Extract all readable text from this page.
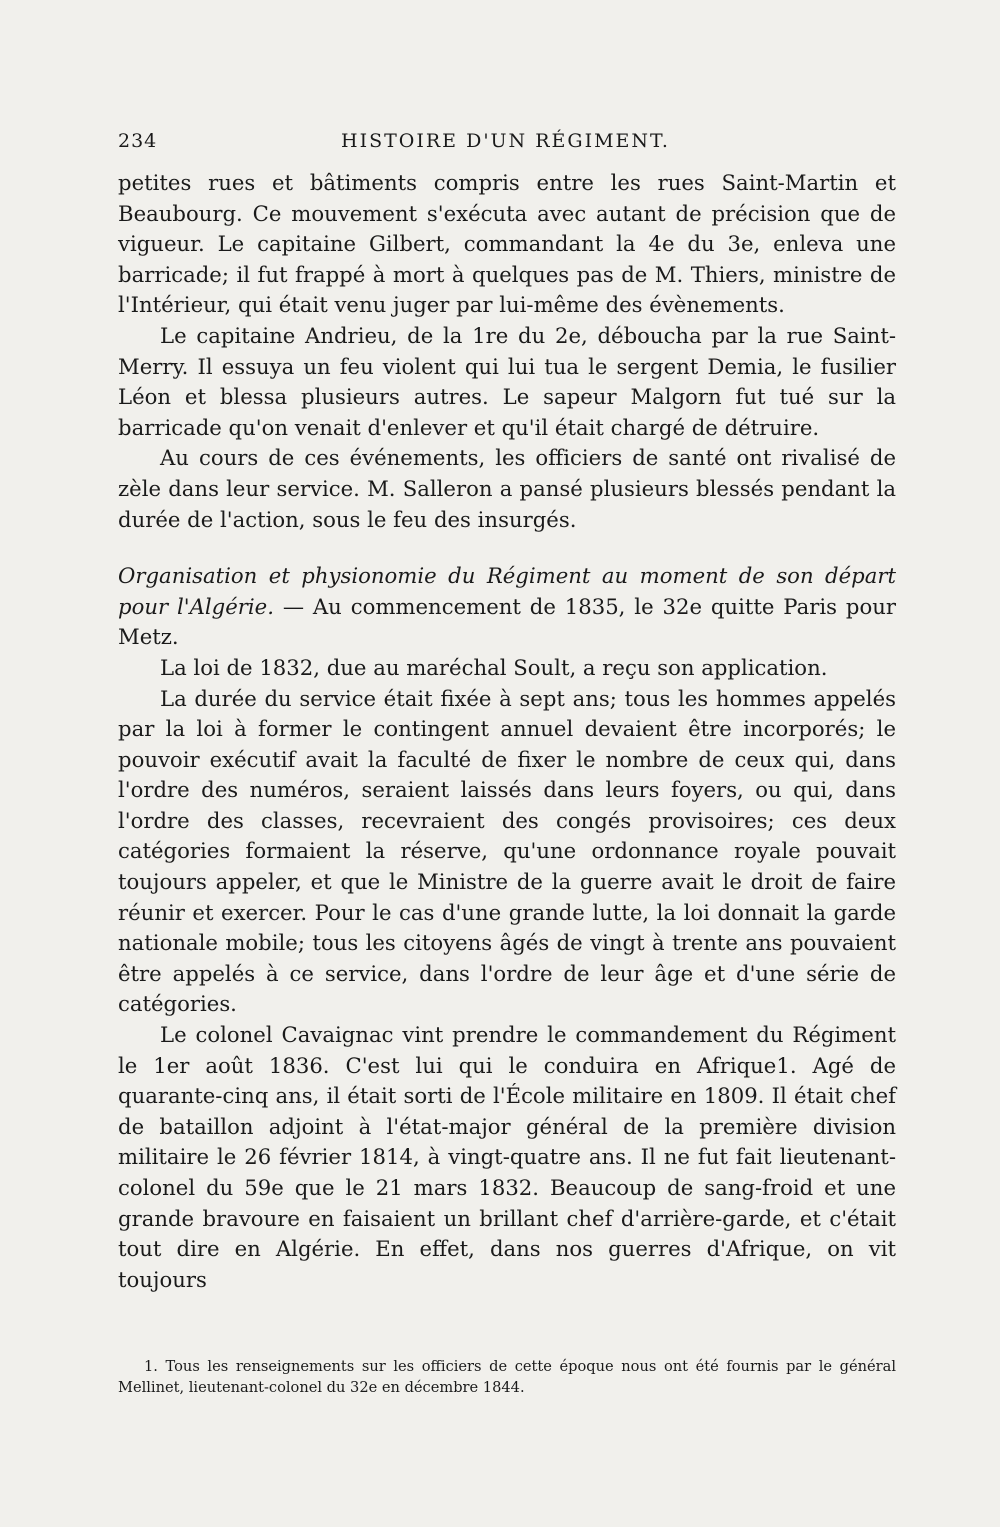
234	HISTOIRE D'UN RÉGIMENT.

petites rues et bâtiments compris entre les rues Saint-Martin et Beaubourg. Ce mouvement s'exécuta avec autant de précision que de vigueur. Le capitaine Gilbert, commandant la 4e du 3e, enleva une barricade; il fut frappé à mort à quelques pas de M. Thiers, ministre de l'Intérieur, qui était venu juger par lui-même des évènements.

Le capitaine Andrieu, de la 1re du 2e, déboucha par la rue Saint-Merry. Il essuya un feu violent qui lui tua le sergent Demia, le fusilier Léon et blessa plusieurs autres. Le sapeur Malgorn fut tué sur la barricade qu'on venait d'enlever et qu'il était chargé de détruire.

Au cours de ces événements, les officiers de santé ont rivalisé de zèle dans leur service. M. Salleron a pansé plusieurs blessés pendant la durée de l'action, sous le feu des insurgés.

Organisation et physionomie du Régiment au moment de son départ pour l'Algérie. — Au commencement de 1835, le 32e quitte Paris pour Metz.

La loi de 1832, due au maréchal Soult, a reçu son application.

La durée du service était fixée à sept ans; tous les hommes appelés par la loi à former le contingent annuel devaient être incorporés; le pouvoir exécutif avait la faculté de fixer le nombre de ceux qui, dans l'ordre des numéros, seraient laissés dans leurs foyers, ou qui, dans l'ordre des classes, recevraient des congés provisoires; ces deux catégories formaient la réserve, qu'une ordonnance royale pouvait toujours appeler, et que le Ministre de la guerre avait le droit de faire réunir et exercer. Pour le cas d'une grande lutte, la loi donnait la garde nationale mobile; tous les citoyens âgés de vingt à trente ans pouvaient être appelés à ce service, dans l'ordre de leur âge et d'une série de catégories.

Le colonel Cavaignac vint prendre le commandement du Régiment le 1er août 1836. C'est lui qui le conduira en Afrique1. Agé de quarante-cinq ans, il était sorti de l'École militaire en 1809. Il était chef de bataillon adjoint à l'état-major général de la première division militaire le 26 février 1814, à vingt-quatre ans. Il ne fut fait lieutenant-colonel du 59e que le 21 mars 1832. Beaucoup de sang-froid et une grande bravoure en faisaient un brillant chef d'arrière-garde, et c'était tout dire en Algérie. En effet, dans nos guerres d'Afrique, on vit toujours

1. Tous les renseignements sur les officiers de cette époque nous ont été fournis par le général Mellinet, lieutenant-colonel du 32e en décembre 1844.
